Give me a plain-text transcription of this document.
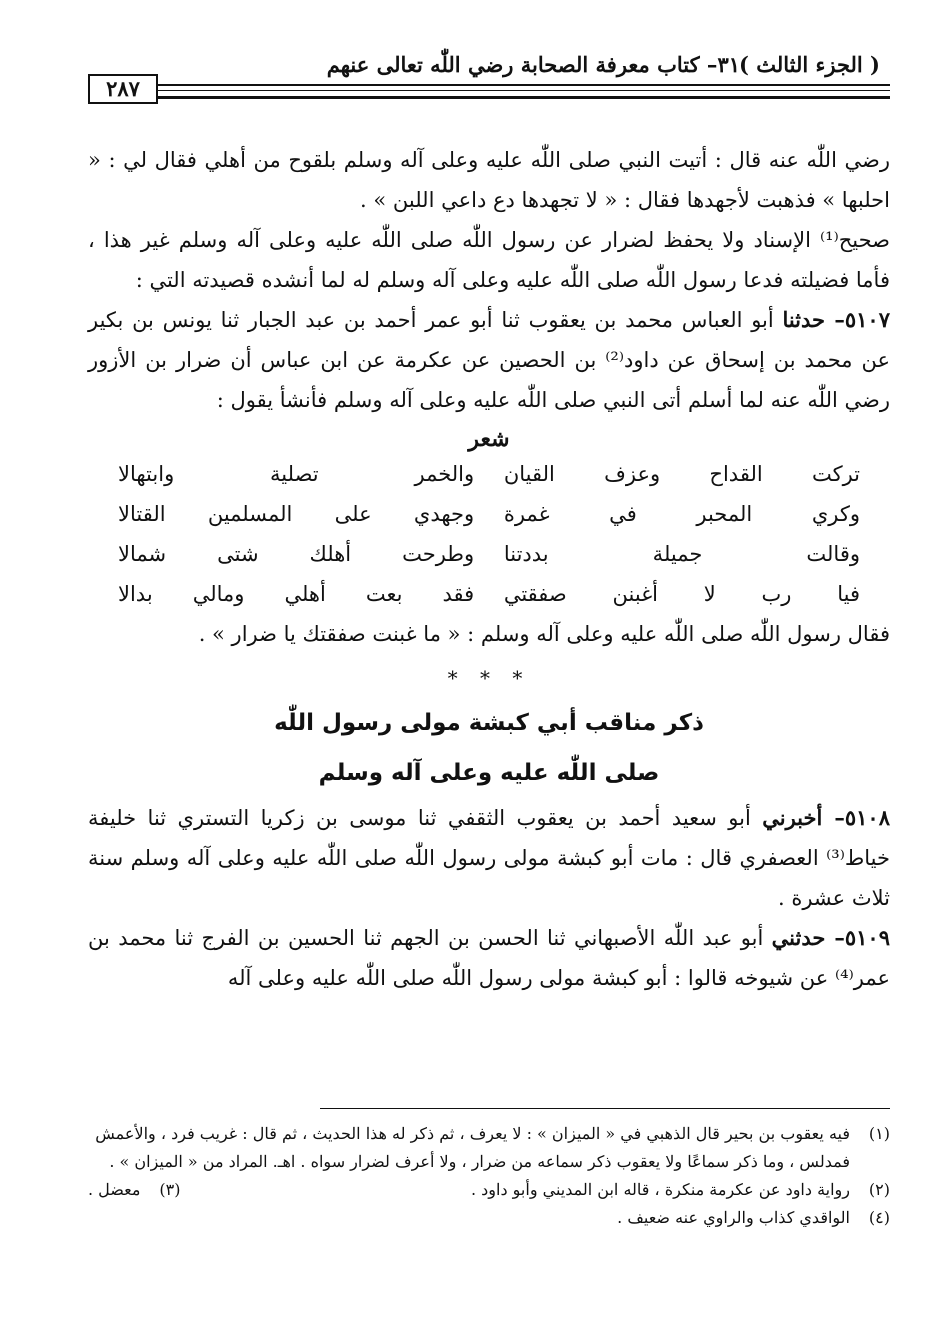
٢٨٧
٣١– كتاب معرفة الصحابة رضي اللّٰه تعالى عنهم
( الجزء الثالث )

رضي اللّٰه عنه قال : أتيت النبي صلى اللّٰه عليه وعلى آله وسلم بلقوح من أهلي فقال لي : « احلبها » فذهبت لأجهدها فقال : « لا تجهدها دع داعي اللبن » .

صحيح⁽¹⁾ الإسناد ولا يحفظ لضرار عن رسول اللّٰه صلى اللّٰه عليه وعلى آله وسلم غير هذا ، فأما فضيلته فدعا رسول اللّٰه صلى اللّٰه عليه وعلى آله وسلم له لما أنشده قصيدته التي :

٥١٠٧– حدثنا أبو العباس محمد بن يعقوب ثنا أبو عمر أحمد بن عبد الجبار ثنا يونس بن بكير عن محمد بن إسحاق عن داود⁽²⁾ بن الحصين عن عكرمة عن ابن عباس أن ضرار بن الأزور رضي اللّٰه عنه لما أسلم أتى النبي صلى اللّٰه عليه وعلى آله وسلم فأنشأ يقول :

شعر
تركت القداح وعزف القيان
والخمر تصلية وابتهالا
وكري المحبر في غمرة
وجهدي على المسلمين القتالا
وقالت جميلة بددتنا
وطرحت أهلك شتى شمالا
فيا رب لا أغبنن صفقتي
فقد بعت أهلي ومالي بدالا

فقال رسول اللّٰه صلى اللّٰه عليه وعلى آله وسلم : « ما غبنت صفقتك يا ضرار » .

* * *
ذكر مناقب أبي كبشة مولى رسول اللّٰه
صلى اللّٰه عليه وعلى آله وسلم

٥١٠٨– أخبرني أبو سعيد أحمد بن يعقوب الثقفي ثنا موسى بن زكريا التستري ثنا خليفة خياط⁽³⁾ العصفري قال : مات أبو كبشة مولى رسول اللّٰه صلى اللّٰه عليه وعلى آله وسلم سنة ثلاث عشرة .

٥١٠٩– حدثني أبو عبد اللّٰه الأصبهاني ثنا الحسن بن الجهم ثنا الحسين بن الفرج ثنا محمد بن عمر⁽⁴⁾ عن شيوخه قالوا : أبو كبشة مولى رسول اللّٰه صلى اللّٰه عليه وعلى آله

(١)
فيه يعقوب بن بحير قال الذهبي في « الميزان » : لا يعرف ، ثم ذكر له هذا الحديث ، ثم قال : غريب فرد ، والأعمش فمدلس ، وما ذكر سماعًا ولا يعقوب ذكر سماعه من ضرار ، ولا أعرف لضرار سواه . اهـ. المراد من « الميزان » .
(٢)
رواية داود عن عكرمة منكرة ، قاله ابن المديني وأبو داود .
(٣)
معضل .
(٤)
الواقدي كذاب والراوي عنه ضعيف .
